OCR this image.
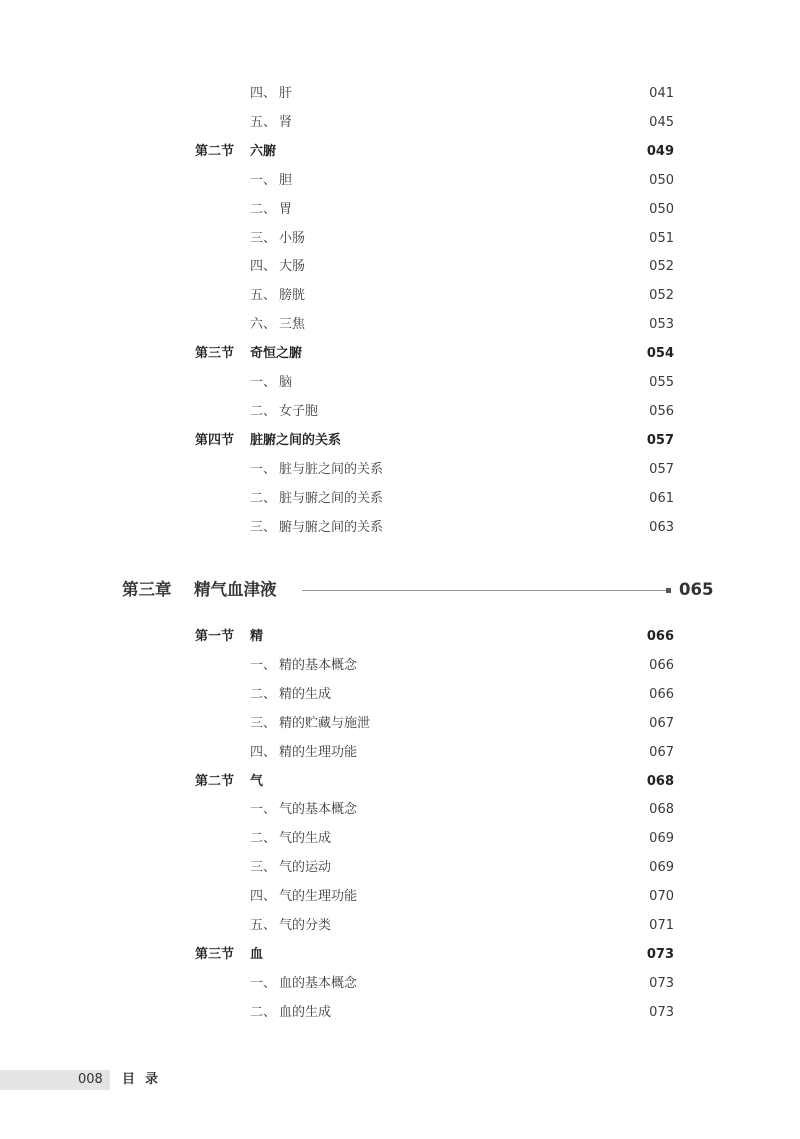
四、 肝	041
五、 肾	045
第二节 六腑	049
一、 胆	050
二、 胃	050
三、 小肠	051
四、 大肠	052
五、 膀胱	052
六、 三焦	053
第三节 奇恒之腑	054
一、 脑	055
二、 女子胞	056
第四节 脏腑之间的关系	057
一、 脏与脏之间的关系	057
二、 脏与腑之间的关系	061
三、 腑与腑之间的关系	063
第三章 精气血津液	065
第一节 精	066
一、 精的基本概念	066
二、 精的生成	066
三、 精的贮藏与施泄	067
四、 精的生理功能	067
第二节 气	068
一、 气的基本概念	068
二、 气的生成	069
三、 气的运动	069
四、 气的生理功能	070
五、 气的分类	071
第三节 血	073
一、 血的基本概念	073
二、 血的生成	073
008 目录
